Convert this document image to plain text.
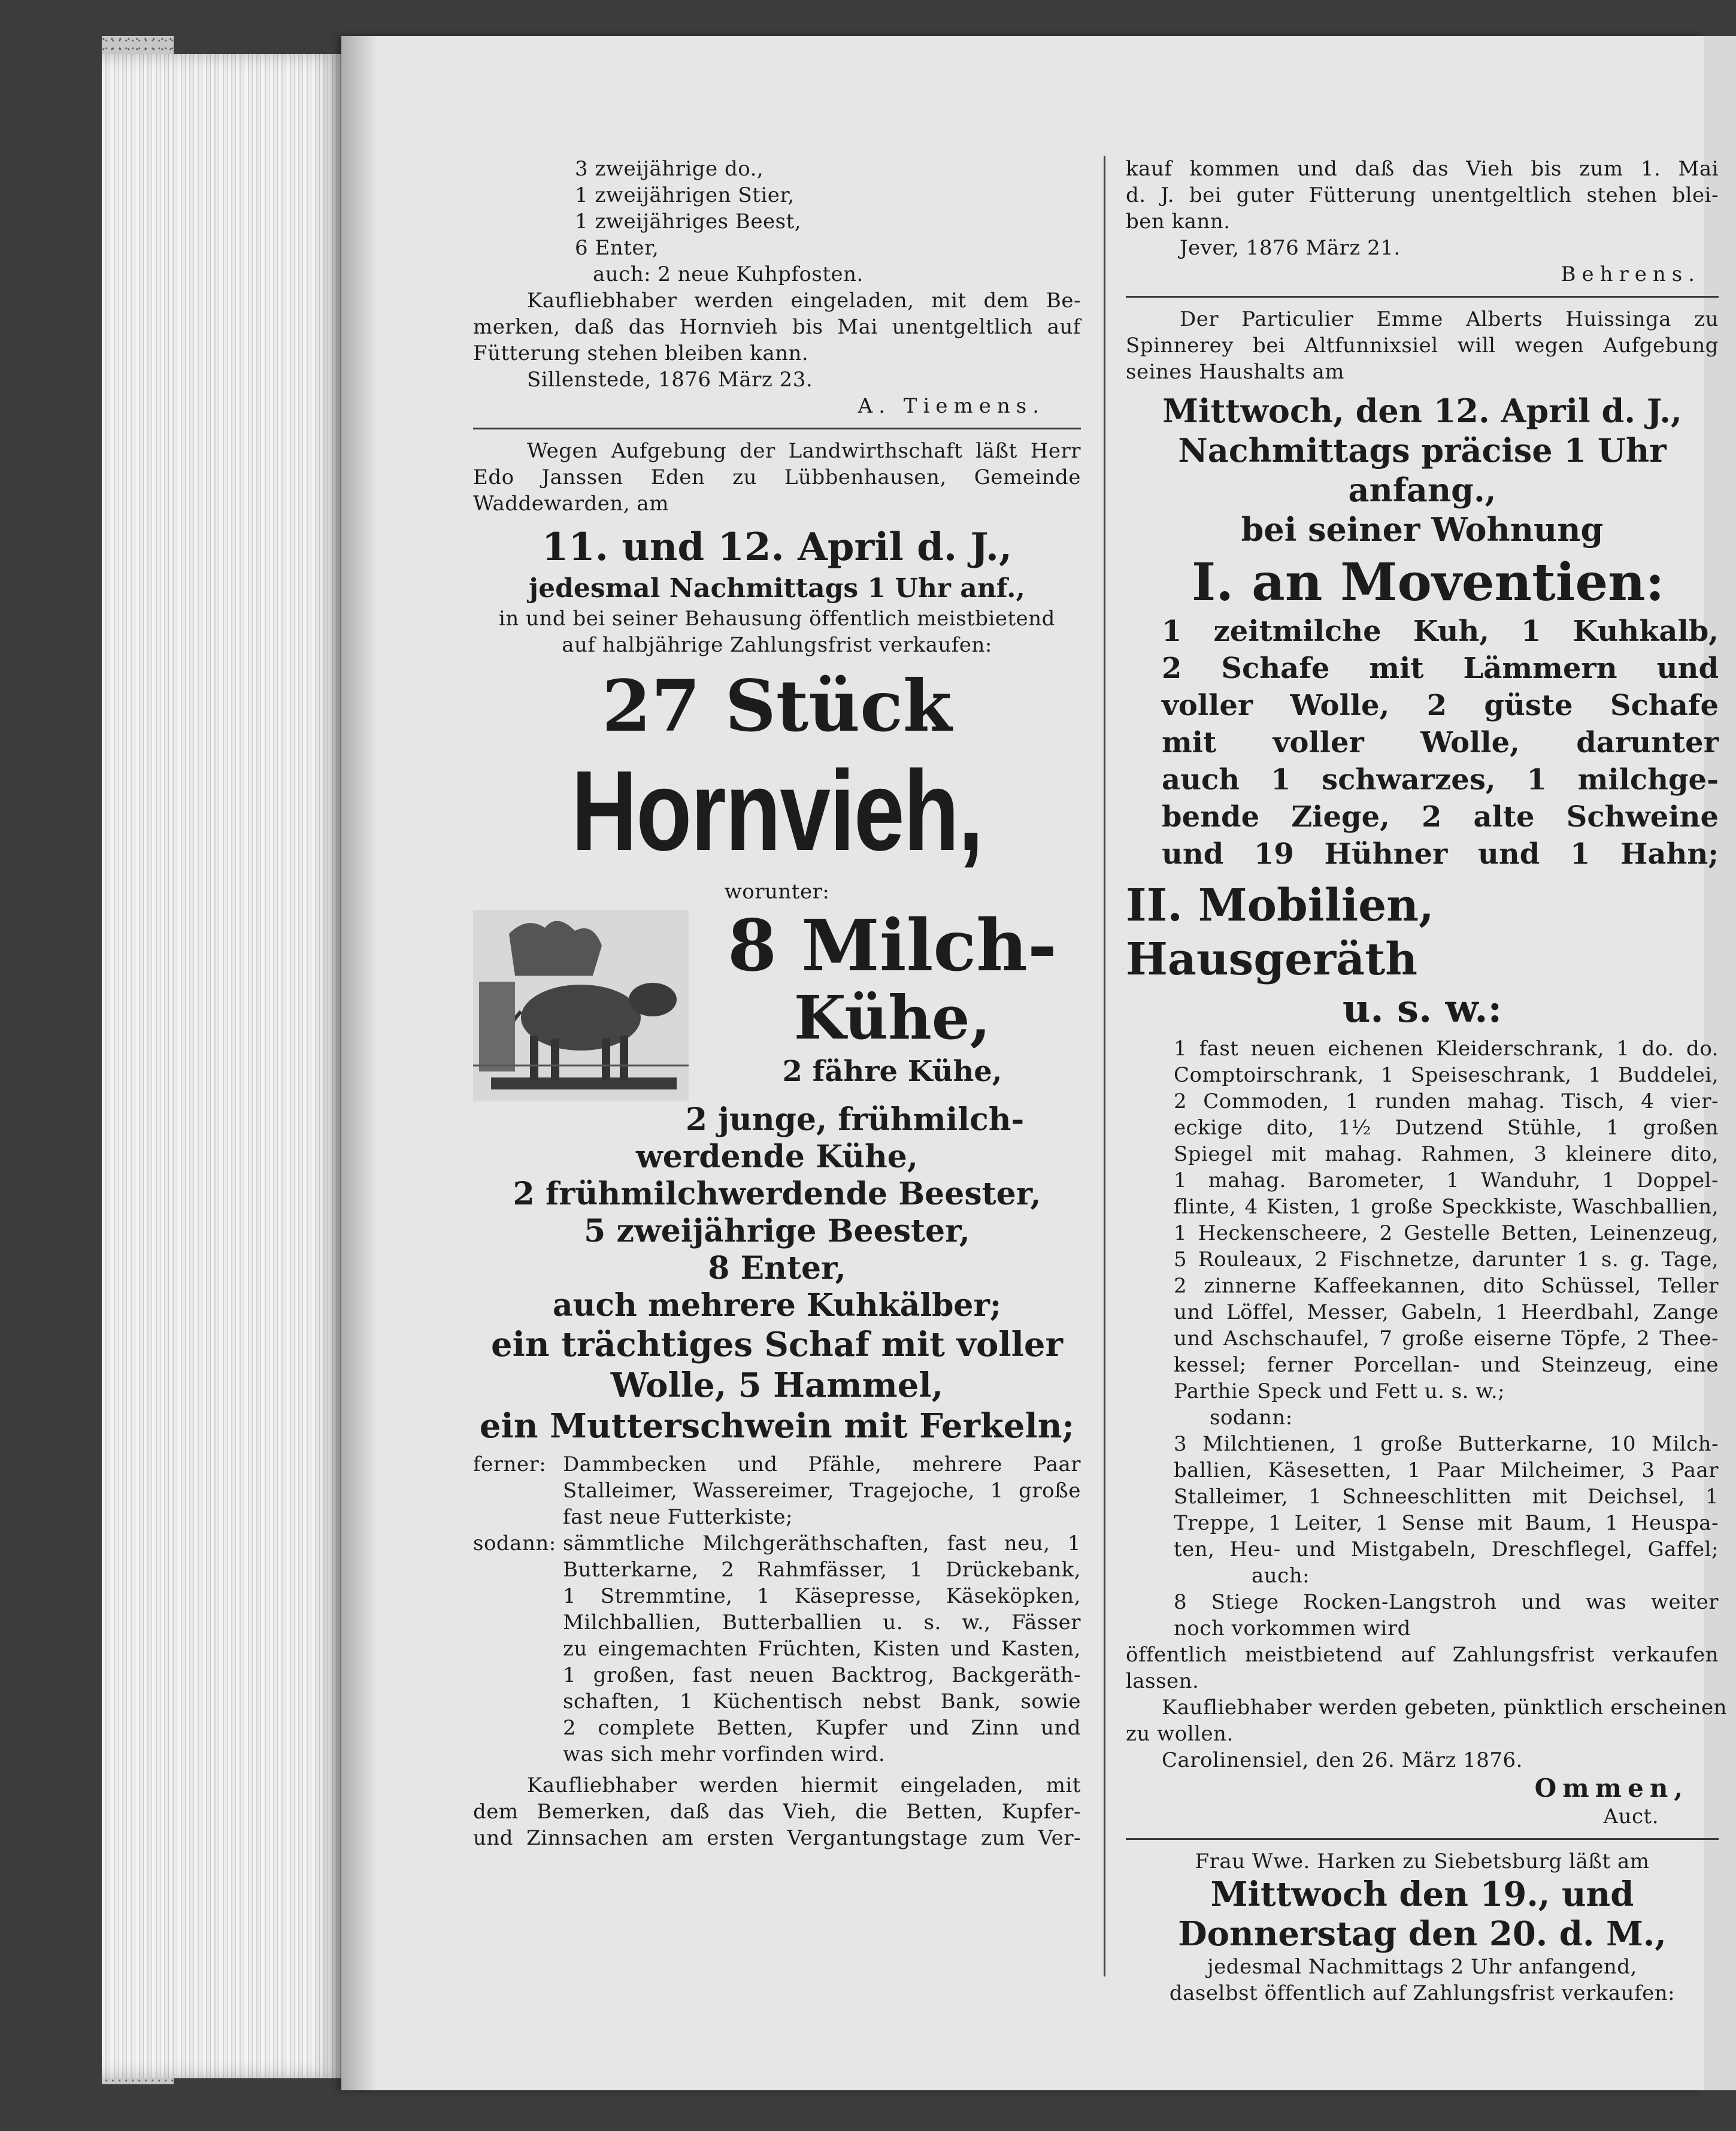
3 zweijährige do.,
1 zweijährigen Stier,
1 zweijähriges Beest,
6 Enter,
auch: 2 neue Kuhpfosten.
Kaufliebhaber werden eingeladen, mit dem Be-
merken, daß das Hornvieh bis Mai unentgeltlich auf
Fütterung stehen bleiben kann.
Sillenstede, 1876 März 23.
A. Tiemens.
Wegen Aufgebung der Landwirthschaft läßt Herr
Edo Janssen Eden zu Lübbenhausen, Gemeinde
Waddewarden, am
11. und 12. April d. J.,
jedesmal Nachmittags 1 Uhr anf.,
in und bei seiner Behausung öffentlich meistbietend
auf halbjährige Zahlungsfrist verkaufen:
27 Stück
Hornvieh,
worunter:
8 Milch-
Kühe,
2 fähre Kühe,
2 junge, frühmilch-
werdende Kühe,
2 frühmilchwerdende Beester,
5 zweijährige Beester,
8 Enter,
auch mehrere Kuhkälber;
ein trächtiges Schaf mit voller
Wolle, 5 Hammel,
ein Mutterschwein mit Ferkeln;
ferner: Dammbecken und Pfähle, mehrere Paar
Stalleimer, Wassereimer, Tragejoche, 1 große
fast neue Futterkiste;
sodann: sämmtliche Milchgeräthschaften, fast neu, 1
Butterkarne, 2 Rahmfässer, 1 Drückebank,
1 Stremmtine, 1 Käsepresse, Käseköpken,
Milchballien, Butterballien u. s. w., Fässer
zu eingemachten Früchten, Kisten und Kasten,
1 großen, fast neuen Backtrog, Backgeräth-
schaften, 1 Küchentisch nebst Bank, sowie
2 complete Betten, Kupfer und Zinn und
was sich mehr vorfinden wird.
Kaufliebhaber werden hiermit eingeladen, mit
dem Bemerken, daß das Vieh, die Betten, Kupfer-
und Zinnsachen am ersten Vergantungstage zum Ver-
kauf kommen und daß das Vieh bis zum 1. Mai
d. J. bei guter Fütterung unentgeltlich stehen blei-
ben kann.
Jever, 1876 März 21.
Behrens.
Der Particulier Emme Alberts Huissinga zu
Spinnerey bei Altfunnixsiel will wegen Aufgebung
seines Haushalts am
Mittwoch, den 12. April d. J.,
Nachmittags präcise 1 Uhr anfang.,
bei seiner Wohnung
I. an Moventien:
1 zeitmilche Kuh, 1 Kuhkalb,
2 Schafe mit Lämmern und
voller Wolle, 2 güste Schafe
mit voller Wolle, darunter
auch 1 schwarzes, 1 milchge-
bende Ziege, 2 alte Schweine
und 19 Hühner und 1 Hahn;
II. Mobilien, Hausgeräth
u. s. w.:
1 fast neuen eichenen Kleiderschrank, 1 do. do.
Comptoirschrank, 1 Speiseschrank, 1 Buddelei,
2 Commoden, 1 runden mahag. Tisch, 4 vier-
eckige dito, 1½ Dutzend Stühle, 1 großen
Spiegel mit mahag. Rahmen, 3 kleinere dito,
1 mahag. Barometer, 1 Wanduhr, 1 Doppel-
flinte, 4 Kisten, 1 große Speckkiste, Waschballien,
1 Heckenscheere, 2 Gestelle Betten, Leinenzeug,
5 Rouleaux, 2 Fischnetze, darunter 1 s. g. Tage,
2 zinnerne Kaffeekannen, dito Schüssel, Teller
und Löffel, Messer, Gabeln, 1 Heerdbahl, Zange
und Aschschaufel, 7 große eiserne Töpfe, 2 Thee-
kessel; ferner Porcellan- und Steinzeug, eine
Parthie Speck und Fett u. s. w.;
sodann:
3 Milchtienen, 1 große Butterkarne, 10 Milch-
ballien, Käsesetten, 1 Paar Milcheimer, 3 Paar
Stalleimer, 1 Schneeschlitten mit Deichsel, 1
Treppe, 1 Leiter, 1 Sense mit Baum, 1 Heuspa-
ten, Heu- und Mistgabeln, Dreschflegel, Gaffel;
auch:
8 Stiege Rocken-Langstroh und was weiter
noch vorkommen wird
öffentlich meistbietend auf Zahlungsfrist verkaufen
lassen.
Kaufliebhaber werden gebeten, pünktlich erscheinen
zu wollen.
Carolinensiel, den 26. März 1876.
Ommen,
Auct.
Frau Wwe. Harken zu Siebetsburg läßt am
Mittwoch den 19., und
Donnerstag den 20. d. M.,
jedesmal Nachmittags 2 Uhr anfangend,
daselbst öffentlich auf Zahlungsfrist verkaufen:
